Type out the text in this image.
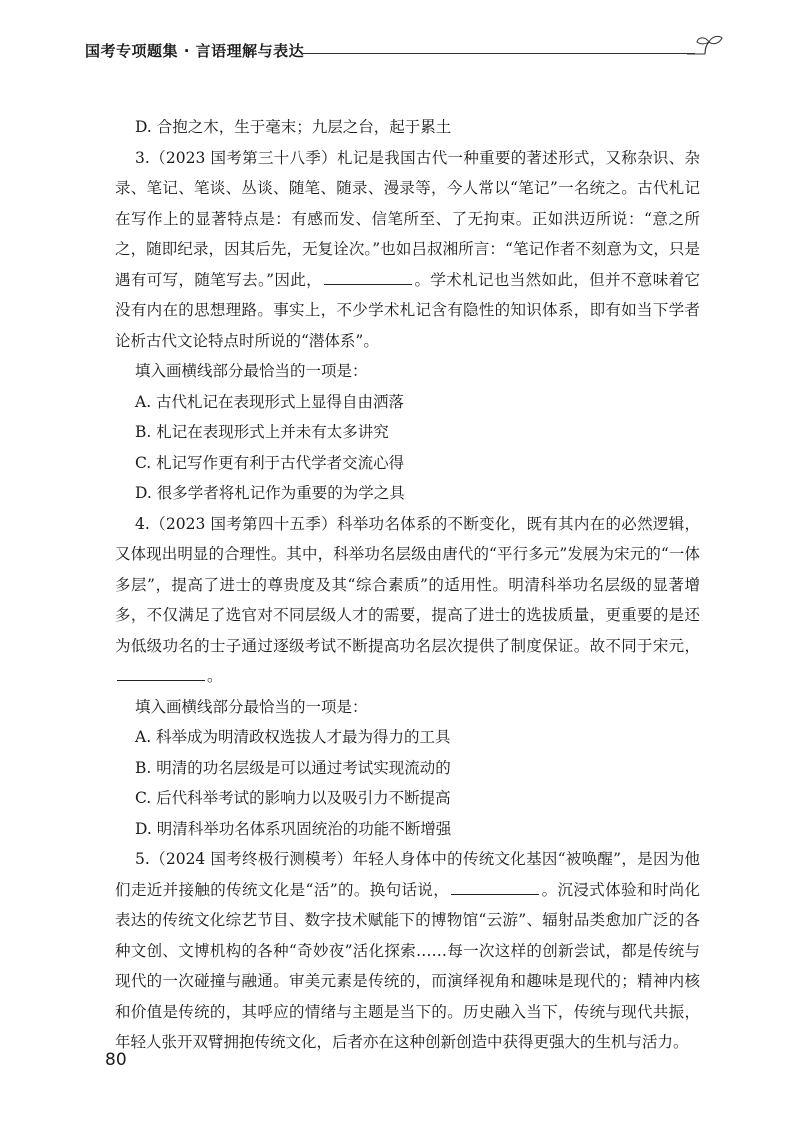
国考专项题集 · 言语理解与表达

D. 合抱之木，生于毫末；九层之台，起于累土

3.（2023 国考第三十八季）札记是我国古代一种重要的著述形式，又称杂识、杂录、笔记、笔谈、丛谈、随笔、随录、漫录等，今人常以“笔记”一名统之。古代札记在写作上的显著特点是：有感而发、信笔所至、了无拘束。正如洪迈所说：“意之所之，随即纪录，因其后先，无复诠次。”也如吕叔湘所言：“笔记作者不刻意为文，只是遇有可写，随笔写去。”因此，	。学术札记也当然如此，但并不意味着它没有内在的思想理路。事实上，不少学术札记含有隐性的知识体系，即有如当下学者论析古代文论特点时所说的“潜体系”。

填入画横线部分最恰当的一项是：

A. 古代札记在表现形式上显得自由洒落

B. 札记在表现形式上并未有太多讲究

C. 札记写作更有利于古代学者交流心得

D. 很多学者将札记作为重要的为学之具

4.（2023 国考第四十五季）科举功名体系的不断变化，既有其内在的必然逻辑，又体现出明显的合理性。其中，科举功名层级由唐代的“平行多元”发展为宋元的“一体多层”，提高了进士的尊贵度及其“综合素质”的适用性。明清科举功名层级的显著增多，不仅满足了选官对不同层级人才的需要，提高了进士的选拔质量，更重要的是还为低级功名的士子通过逐级考试不断提高功名层次提供了制度保证。故不同于宋元，。

填入画横线部分最恰当的一项是：

A. 科举成为明清政权选拔人才最为得力的工具

B. 明清的功名层级是可以通过考试实现流动的

C. 后代科举考试的影响力以及吸引力不断提高

D. 明清科举功名体系巩固统治的功能不断增强

5.（2024 国考终极行测模考）年轻人身体中的传统文化基因“被唤醒”，是因为他们走近并接触的传统文化是“活”的。换句话说，	。沉浸式体验和时尚化表达的传统文化综艺节目、数字技术赋能下的博物馆“云游”、辐射品类愈加广泛的各种文创、文博机构的各种“奇妙夜”活化探索……每一次这样的创新尝试，都是传统与现代的一次碰撞与融通。审美元素是传统的，而演绎视角和趣味是现代的；精神内核和价值是传统的，其呼应的情绪与主题是当下的。历史融入当下，传统与现代共振，年轻人张开双臂拥抱传统文化，后者亦在这种创新创造中获得更强大的生机与活力。

80
